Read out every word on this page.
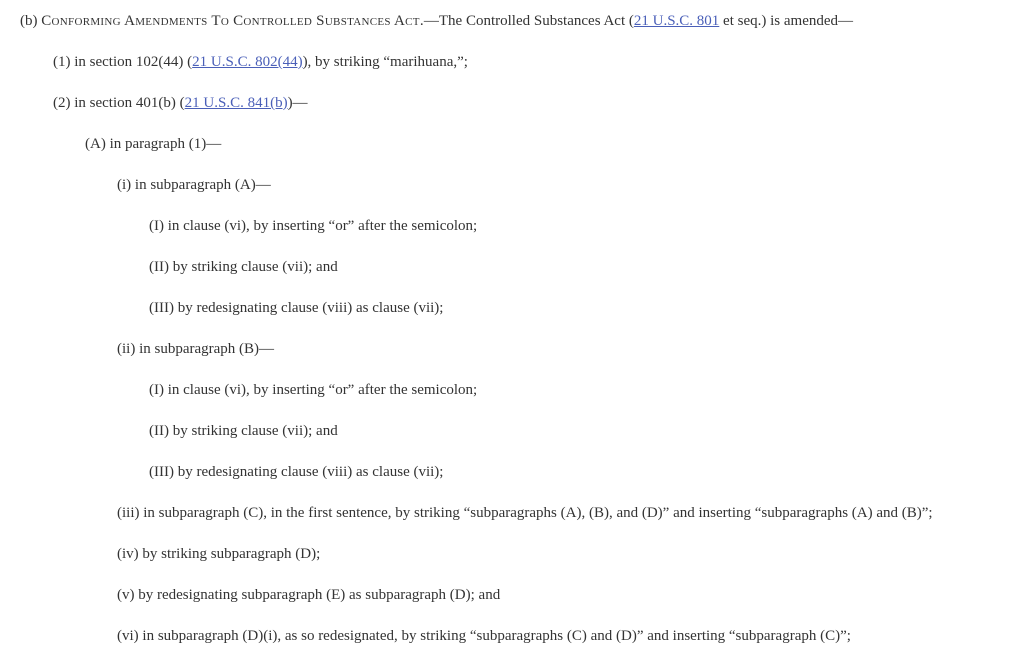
(b) Conforming Amendments To Controlled Substances Act.—The Controlled Substances Act (21 U.S.C. 801 et seq.) is amended—
(1) in section 102(44) (21 U.S.C. 802(44)), by striking “marihuana,”;
(2) in section 401(b) (21 U.S.C. 841(b))—
(A) in paragraph (1)—
(i) in subparagraph (A)—
(I) in clause (vi), by inserting “or” after the semicolon;
(II) by striking clause (vii); and
(III) by redesignating clause (viii) as clause (vii);
(ii) in subparagraph (B)—
(I) in clause (vi), by inserting “or” after the semicolon;
(II) by striking clause (vii); and
(III) by redesignating clause (viii) as clause (vii);
(iii) in subparagraph (C), in the first sentence, by striking “subparagraphs (A), (B), and (D)” and inserting “subparagraphs (A) and (B)”;
(iv) by striking subparagraph (D);
(v) by redesignating subparagraph (E) as subparagraph (D); and
(vi) in subparagraph (D)(i), as so redesignated, by striking “subparagraphs (C) and (D)” and inserting “subparagraph (C)”;
